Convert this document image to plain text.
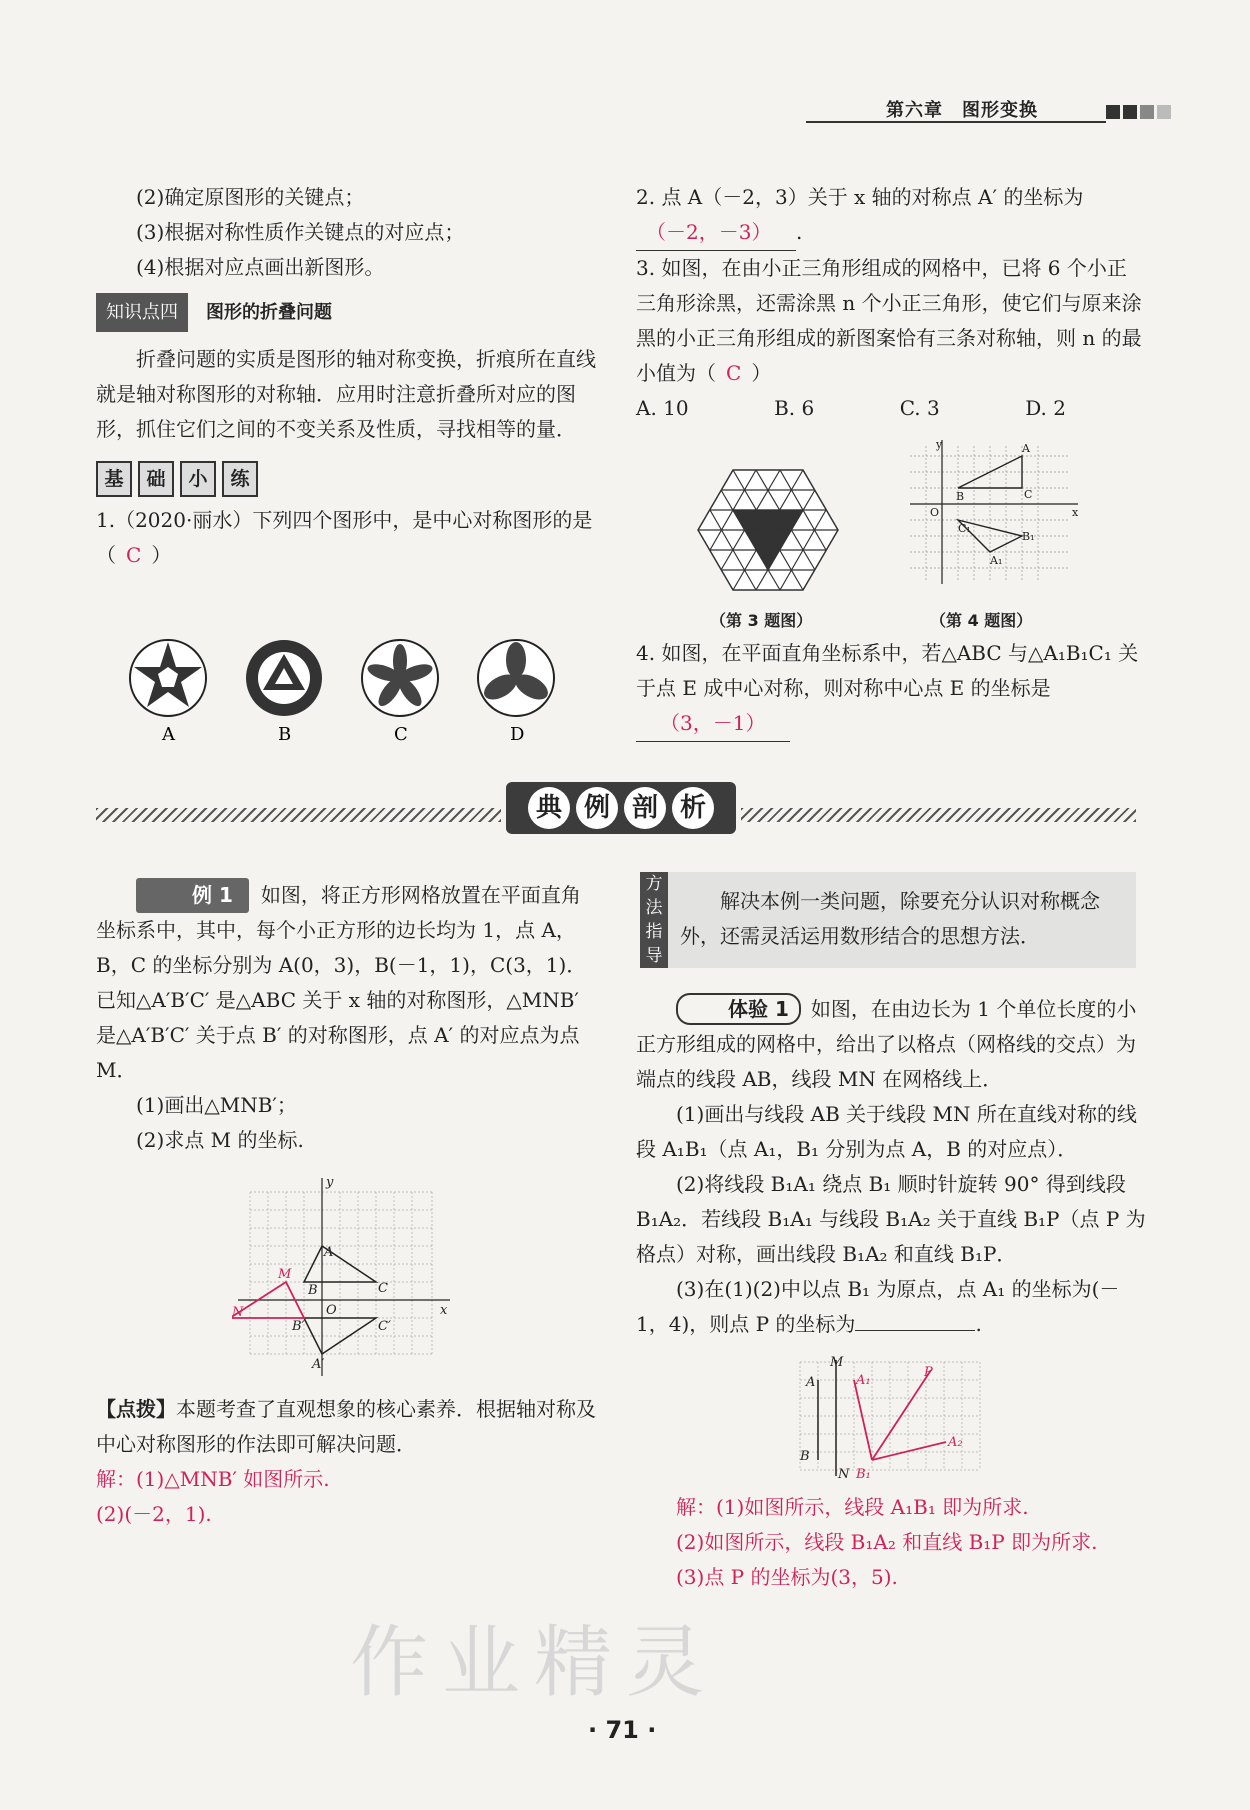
作业精灵
第六章　图形变换

(2)确定原图形的关键点；

(3)根据对称性质作关键点的对应点；

(4)根据对应点画出新图形。

知识点四	图形的折叠问题

折叠问题的实质是图形的轴对称变换，折痕所在直线就是轴对称图形的对称轴．应用时注意折叠所对应的图形，抓住它们之间的不变关系及性质，寻找相等的量．

基	础	小	练

1.（2020·丽水）下列四个图形中，是中心对称图形的是（ C ）

A	B	C	D

2. 点 A（－2，3）关于 x 轴的对称点 A′ 的坐标为

（－2，－3） .

3. 如图，在由小正三角形组成的网格中，已将 6 个小正三角形涂黑，还需涂黑 n 个小正三角形，使它们与原来涂黑的小正三角形组成的新图案恰有三条对称轴，则 n 的最小值为（ C ）

A. 10	B. 6	C. 3	D. 2
y
x
O
A
B	C
B₁
A₁
C₁
（第 3 题图）	（第 4 题图）

4. 如图，在平面直角坐标系中，若△ABC 与△A₁B₁C₁ 关于点 E 成中心对称，则对称中心点 E 的坐标是

（3，－1）

典 例 剖 析

例 1 如图，将正方形网格放置在平面直角坐标系中，其中，每个小正方形的边长均为 1，点 A，B，C 的坐标分别为 A(0，3)，B(－1，1)，C(3，1)．已知△A′B′C′ 是△ABC 关于 x 轴的对称图形，△MNB′ 是△A′B′C′ 关于点 B′ 的对称图形，点 A′ 的对应点为点 M．

(1)画出△MNB′；

(2)求点 M 的坐标.

y
x
A
C
B
O
B′	C′
A′
M
N

【点拨】本题考查了直观想象的核心素养．根据轴对称及中心对称图形的作法即可解决问题．

解：(1)△MNB′ 如图所示.

(2)(－2，1).

方法指导
解决本例一类问题，除要充分认识对称概念外，还需灵活运用数形结合的思想方法．

体验 1 如图，在由边长为 1 个单位长度的小正方形组成的网格中，给出了以格点（网格线的交点）为端点的线段 AB，线段 MN 在网格线上．

(1)画出与线段 AB 关于线段 MN 所在直线对称的线段 A₁B₁（点 A₁，B₁ 分别为点 A，B 的对应点）．

(2)将线段 B₁A₁ 绕点 B₁ 顺时针旋转 90° 得到线段 B₁A₂．若线段 B₁A₁ 与线段 B₁A₂ 关于直线 B₁P（点 P 为格点）对称，画出线段 B₁A₂ 和直线 B₁P．

(3)在(1)(2)中以点 B₁ 为原点，点 A₁ 的坐标为(－1，4)，则点 P 的坐标为	.

M
A
B
N
A₁
P
B₁
A₂

解：(1)如图所示，线段 A₁B₁ 即为所求.

(2)如图所示，线段 B₁A₂ 和直线 B₁P 即为所求.

(3)点 P 的坐标为(3，5).

· 71 ·
